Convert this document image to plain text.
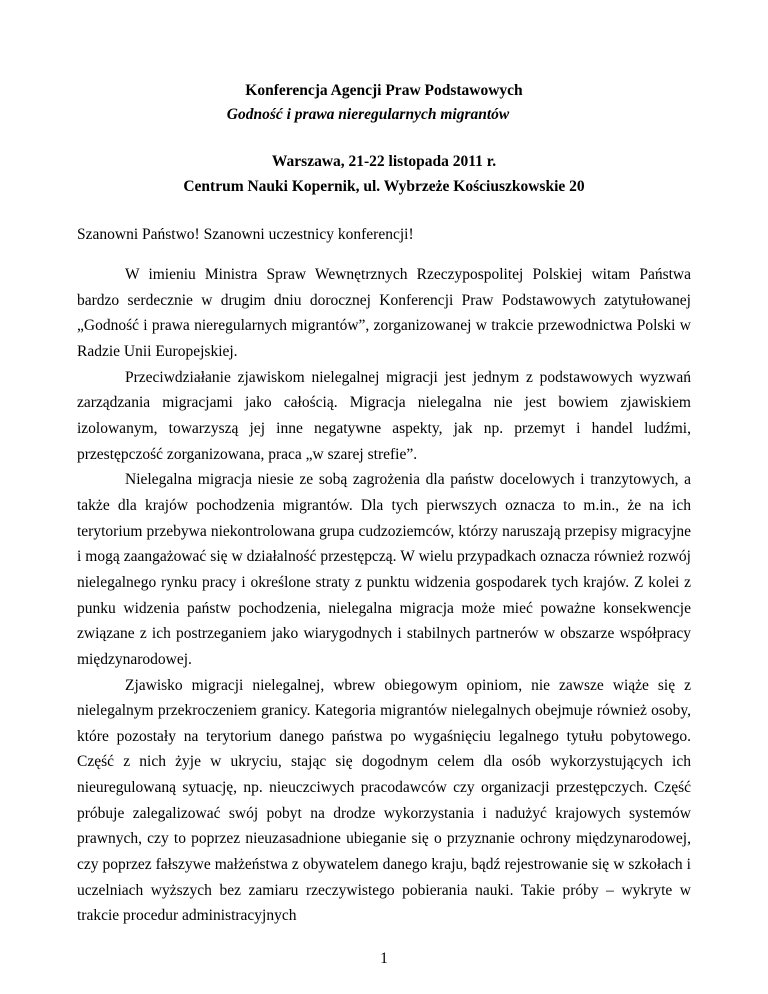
Konferencja Agencji Praw Podstawowych
Godność i prawa nieregularnych migrantów
Warszawa, 21-22 listopada 2011 r.
Centrum Nauki Kopernik, ul. Wybrzeże Kościuszkowskie 20
Szanowni Państwo! Szanowni uczestnicy konferencji!

W imieniu Ministra Spraw Wewnętrznych Rzeczypospolitej Polskiej witam Państwa bardzo serdecznie w drugim dniu dorocznej Konferencji Praw Podstawowych zatytułowanej „Godność i prawa nieregularnych migrantów”, zorganizowanej w trakcie przewodnictwa Polski w Radzie Unii Europejskiej.

Przeciwdziałanie zjawiskom nielegalnej migracji jest jednym z podstawowych wyzwań zarządzania migracjami jako całością. Migracja nielegalna nie jest bowiem zjawiskiem izolowanym, towarzyszą jej inne negatywne aspekty, jak np. przemyt i handel ludźmi, przestępczość zorganizowana, praca „w szarej strefie”.

Nielegalna migracja niesie ze sobą zagrożenia dla państw docelowych i tranzytowych, a także dla krajów pochodzenia migrantów. Dla tych pierwszych oznacza to m.in., że na ich terytorium przebywa niekontrolowana grupa cudzoziemców, którzy naruszają przepisy migracyjne i mogą zaangażować się w działalność przestępczą. W wielu przypadkach oznacza również rozwój nielegalnego rynku pracy i określone straty z punktu widzenia gospodarek tych krajów. Z kolei z punku widzenia państw pochodzenia, nielegalna migracja może mieć poważne konsekwencje związane z ich postrzeganiem jako wiarygodnych i stabilnych partnerów w obszarze współpracy międzynarodowej.

Zjawisko migracji nielegalnej, wbrew obiegowym opiniom, nie zawsze wiąże się z nielegalnym przekroczeniem granicy. Kategoria migrantów nielegalnych obejmuje również osoby, które pozostały na terytorium danego państwa po wygaśnięciu legalnego tytułu pobytowego. Część z nich żyje w ukryciu, stając się dogodnym celem dla osób wykorzystujących ich nieuregulowaną sytuację, np. nieuczciwych pracodawców czy organizacji przestępczych. Część próbuje zalegalizować swój pobyt na drodze wykorzystania i nadużyć krajowych systemów prawnych, czy to poprzez nieuzasadnione ubieganie się o przyznanie ochrony międzynarodowej, czy poprzez fałszywe małżeństwa z obywatelem danego kraju, bądź rejestrowanie się w szkołach i uczelniach wyższych bez zamiaru rzeczywistego pobierania nauki. Takie próby – wykryte w trakcie procedur administracyjnych

1
